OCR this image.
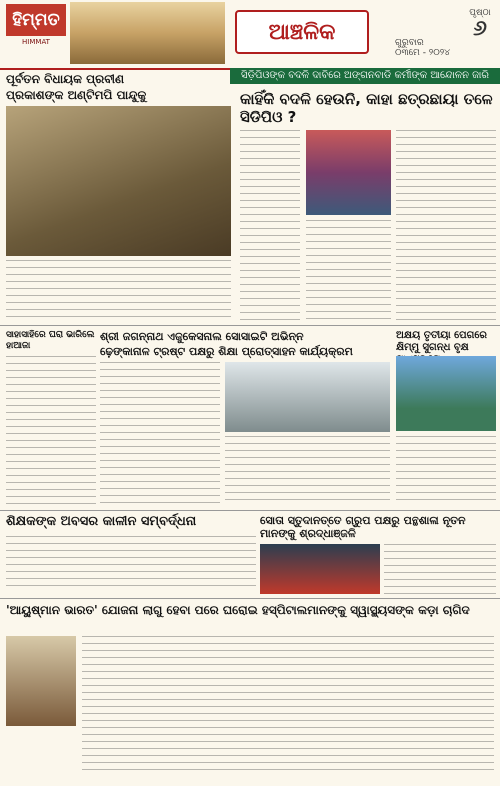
ହିମ୍ମତ
HIMMAT	ଆଞ୍ଚଳିକ	ଗୁରୁବାର
୦୩ମେ - ୨୦୨୪
ପୃଷ୍ଠା
୬
ସିଡ଼ିପିଓଙ୍କ ବଦଳି ଦାବିରେ ଅଙ୍ଗନବାଡି କର୍ମୀଙ୍କ ଆନ୍ଦୋଳନ ଜାରି
ପୂର୍ବତନ ବିଧାୟକ ପ୍ରବୀଣ
ପ୍ରକାଶଙ୍କ ଅଣ୍ଟିମପି ପାନ୍ଦୁକୁ	କାହିଁକି ବଦଳି ହେଉନି, କାହା ଛତ୍ରଛାୟା ତଳେ ସିଡିପିଓ ?
ସାହାସାହିରେ ଘରା ଭାରିଲେ ହାଆଜା
ଶ୍ରୀ ଜଗନ୍ନାଥ ଏଜୁକେସନାଲ ସୋସାଇଟି ଅଭିନ୍ନ
ଢ଼େଙ୍କାନାଳ ଟ୍ରଷ୍ଟ ପକ୍ଷରୁ ଶିକ୍ଷା ପ୍ରୋତ୍ସାହନ କାର୍ଯ୍ୟକ୍ରମ
ଅକ୍ଷୟ ତୃତୀୟା ପେଗରେ କ୍ଷିମ୍ମୁ ସୁଗନ୍ଧ ବୃକ୍ଷ
ଶିକ୍ଷକଙ୍କ ଅବସର କାଳୀନ ସମ୍ବର୍ଦ୍ଧନା	ସୋତା ସ୍ତୁଦାନତ୍ତେ ଗ୍ରୁପ ପକ୍ଷରୁ ପନ୍ଥଶାଳା ନୂତନ ମାନଙ୍କୁ ଶ୍ରଦ୍ଧାଞ୍ଜଳି
'ଆୟୁଷ୍ମାନ ଭାରତ' ଯୋଜନା ଲାଗୁ ହେବା ପରେ ଘରୋଇ ହସ୍ପିଟାଲମାନଙ୍କୁ ସ୍ୱାସ୍ଥ୍ୟସଙ୍କ କଡ଼ା ଚାଗିଦ
